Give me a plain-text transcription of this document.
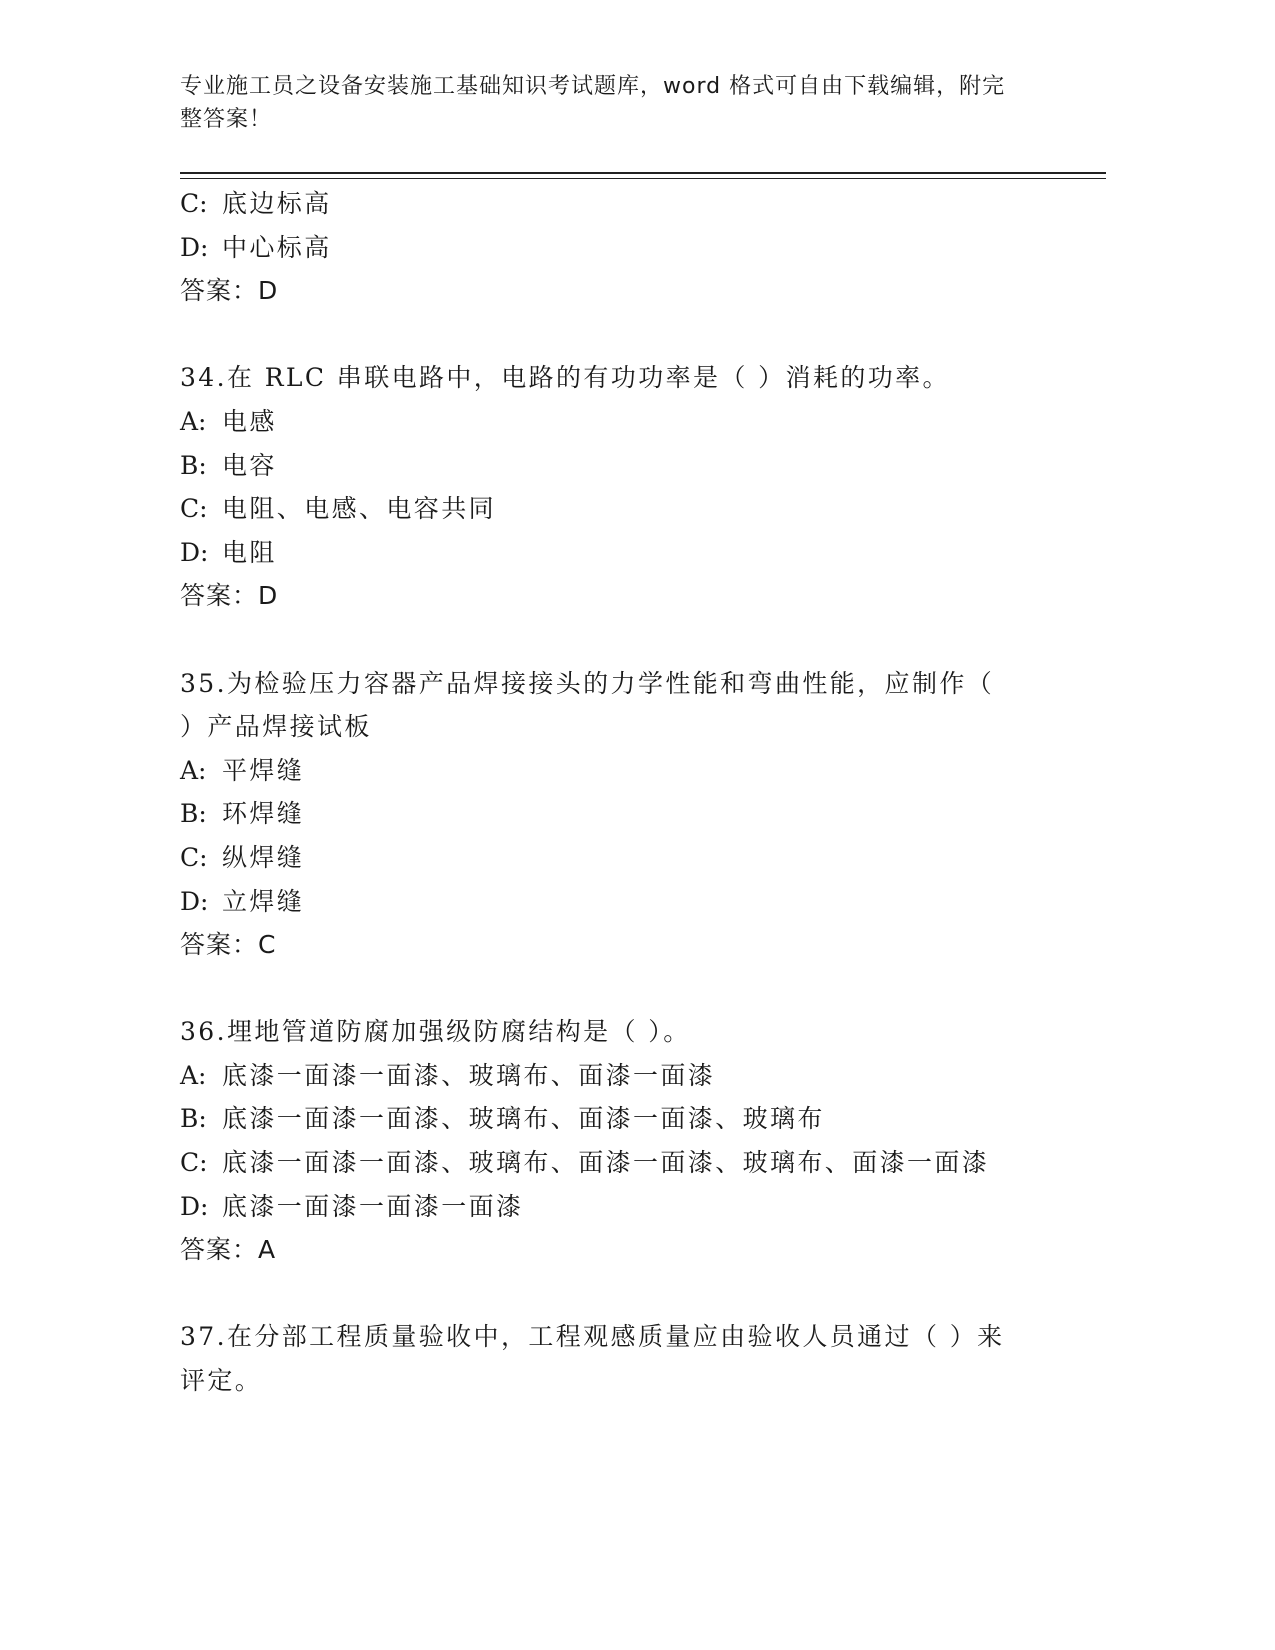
专业施工员之设备安装施工基础知识考试题库，word 格式可自由下载编辑，附完
整答案！
C: 底边标高
D: 中心标高
答案：D
34.在 RLC 串联电路中，电路的有功功率是（ ）消耗的功率。
A: 电感
B: 电容
C: 电阻、电感、电容共同
D: 电阻
答案：D
35.为检验压力容器产品焊接接头的力学性能和弯曲性能，应制作（
）产品焊接试板
A: 平焊缝
B: 环焊缝
C: 纵焊缝
D: 立焊缝
答案：C
36.埋地管道防腐加强级防腐结构是（ ）。
A: 底漆一面漆一面漆、玻璃布、面漆一面漆
B: 底漆一面漆一面漆、玻璃布、面漆一面漆、玻璃布
C: 底漆一面漆一面漆、玻璃布、面漆一面漆、玻璃布、面漆一面漆
D: 底漆一面漆一面漆一面漆
答案：A
37.在分部工程质量验收中，工程观感质量应由验收人员通过（ ）来
评定。
